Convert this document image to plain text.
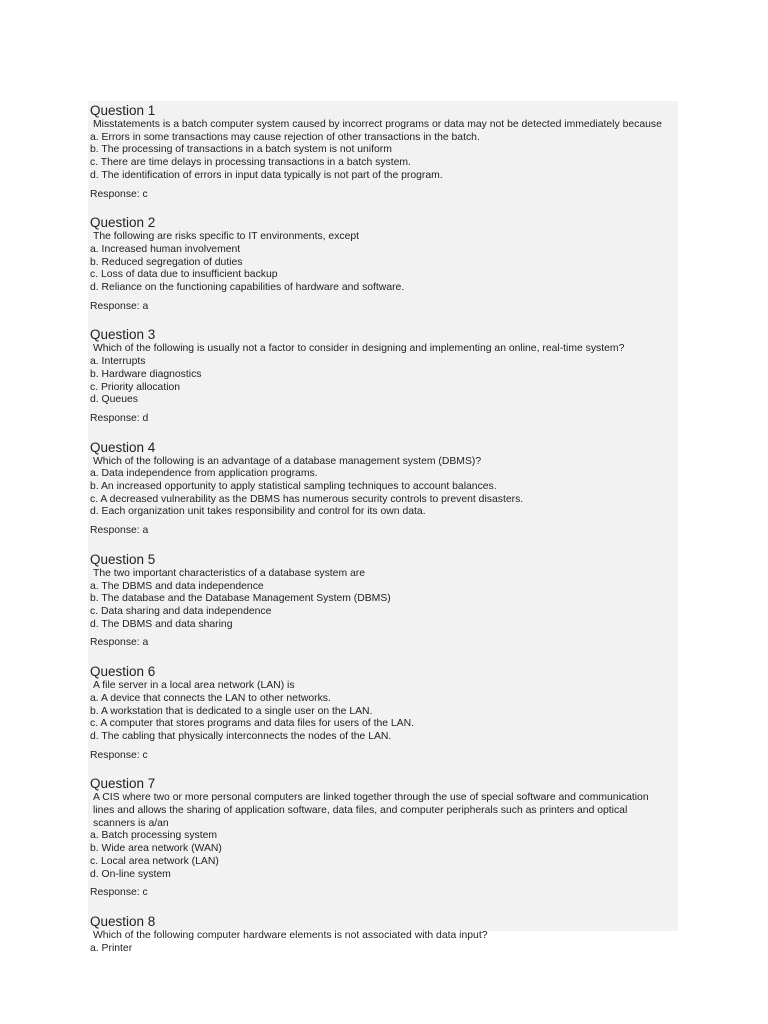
Question 1
Misstatements is a batch computer system caused by incorrect programs or data may not be detected immediately because
a. Errors in some transactions may cause rejection of other transactions in the batch.
b. The processing of transactions in a batch system is not uniform
c. There are time delays in processing transactions in a batch system.
d. The identification of errors in input data typically is not part of the program.
Response: c
Question 2
The following are risks specific to IT environments, except
a. Increased human involvement
b. Reduced segregation of duties
c. Loss of data due to insufficient backup
d. Reliance on the functioning capabilities of hardware and software.
Response: a
Question 3
Which of the following is usually not a factor to consider in designing and implementing an online, real-time system?
a. Interrupts
b. Hardware diagnostics
c. Priority allocation
d. Queues
Response: d
Question 4
Which of the following is an advantage of a database management system (DBMS)?
a. Data independence from application programs.
b. An increased opportunity to apply statistical sampling techniques to account balances.
c. A decreased vulnerability as the DBMS has numerous security controls to prevent disasters.
d. Each organization unit takes responsibility and control for its own data.
Response: a
Question 5
The two important characteristics of a database system are
a. The DBMS and data independence
b. The database and the Database Management System (DBMS)
c. Data sharing and data independence
d. The DBMS and data sharing
Response: a
Question 6
A file server in a local area network (LAN) is
a. A device that connects the LAN to other networks.
b. A workstation that is dedicated to a single user on the LAN.
c. A computer that stores programs and data files for users of the LAN.
d. The cabling that physically interconnects the nodes of the LAN.
Response: c
Question 7
A CIS where two or more personal computers are linked together through the use of special software and communication lines and allows the sharing of application software, data files, and computer peripherals such as printers and optical scanners is a/an
a. Batch processing system
b. Wide area network (WAN)
c. Local area network (LAN)
d. On-line system
Response: c
Question 8
Which of the following computer hardware elements is not associated with data input?
a. Printer
